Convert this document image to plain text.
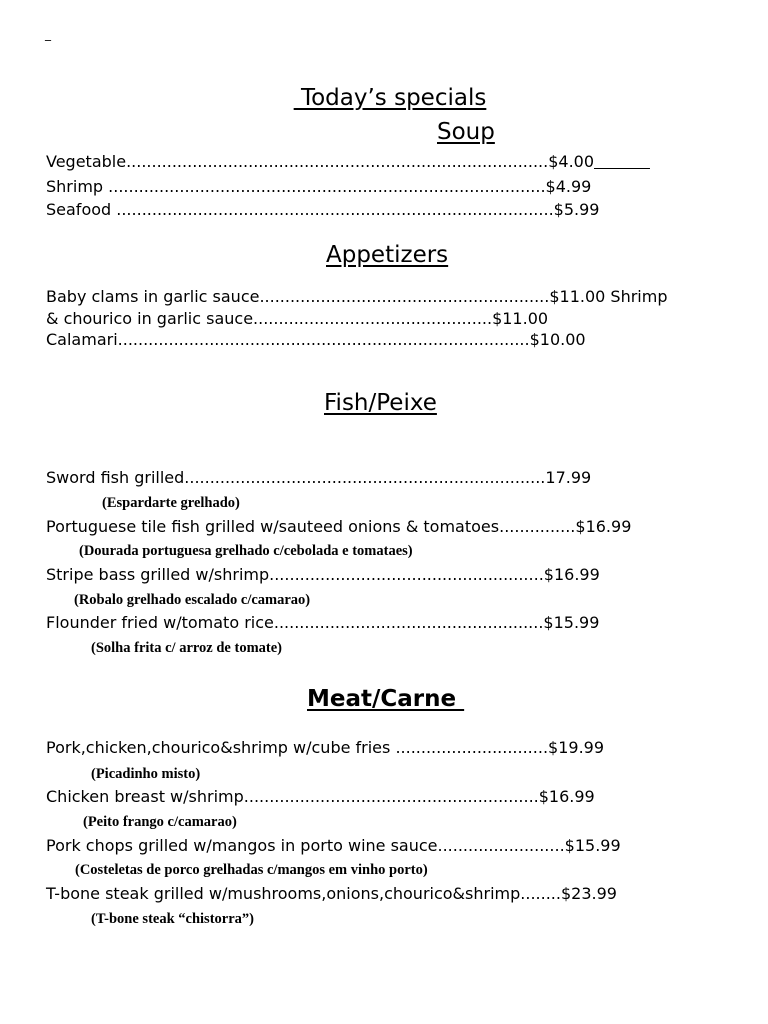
_
Today’s specials
Soup
Vegetable...................................................................................$4.00
Shrimp ......................................................................................$4.99
Seafood ......................................................................................$5.99
Appetizers
Baby clams in garlic sauce.........................................................$11.00 Shrimp
& chourico in garlic sauce...............................................$11.00
Calamari.................................................................................$10.00
Fish/Peixe
Sword fish grilled.......................................................................17.99
(Espardarte grelhado)
Portuguese tile fish grilled w/sauteed onions & tomatoes...............$16.99
(Dourada portuguesa grelhado c/cebolada e tomataes)
Stripe bass grilled w/shrimp......................................................$16.99
(Robalo grelhado escalado c/camarao)
Flounder fried w/tomato rice.....................................................$15.99
(Solha frita c/ arroz de tomate)
Meat/Carne
Pork,chicken,chourico&shrimp w/cube fries ..............................$19.99
(Picadinho misto)
Chicken breast w/shrimp..........................................................$16.99
(Peito frango c/camarao)
Pork chops grilled w/mangos in porto wine sauce.........................$15.99
(Costeletas de porco grelhadas c/mangos em vinho porto)
T-bone steak grilled w/mushrooms,onions,chourico&shrimp........$23.99
(T-bone steak “chistorra”)
